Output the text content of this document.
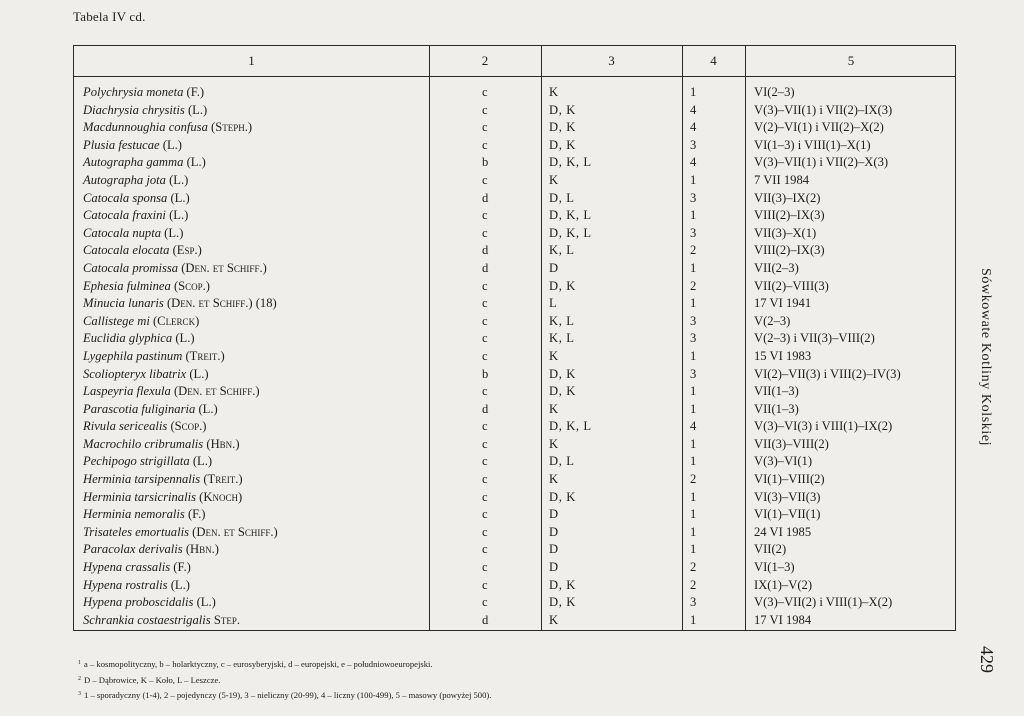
Tabela IV cd.
1	2	3	4	5
Polychrysia moneta (F.)	c	K	1	VI(2–3)
Diachrysia chrysitis (L.)	c	D, K	4	V(3)–VII(1) i VII(2)–IX(3)
Macdunnoughia confusa (Steph.)	c	D, K	4	V(2)–VI(1) i VII(2)–X(2)
Plusia festucae (L.)	c	D, K	3	VI(1–3) i VIII(1)–X(1)
Autographa gamma (L.)	b	D, K, L	4	V(3)–VII(1) i VII(2)–X(3)
Autographa jota (L.)	c	K	1	7 VII 1984
Catocala sponsa (L.)	d	D, L	3	VII(3)–IX(2)
Catocala fraxini (L.)	c	D, K, L	1	VIII(2)–IX(3)
Catocala nupta (L.)	c	D, K, L	3	VII(3)–X(1)
Catocala elocata (Esp.)	d	K, L	2	VIII(2)–IX(3)
Catocala promissa (Den. et Schiff.)	d	D	1	VII(2–3)
Ephesia fulminea (Scop.)	c	D, K	2	VII(2)–VIII(3)
Minucia lunaris (Den. et Schiff.) (18)	c	L	1	17 VI 1941
Callistege mi (Clerck)	c	K, L	3	V(2–3)
Euclidia glyphica (L.)	c	K, L	3	V(2–3) i VII(3)–VIII(2)
Lygephila pastinum (Treit.)	c	K	1	15 VI 1983
Scoliopteryx libatrix (L.)	b	D, K	3	VI(2)–VII(3) i VIII(2)–IV(3)
Laspeyria flexula (Den. et Schiff.)	c	D, K	1	VII(1–3)
Parascotia fuliginaria (L.)	d	K	1	VII(1–3)
Rivula sericealis (Scop.)	c	D, K, L	4	V(3)–VI(3) i VIII(1)–IX(2)
Macrochilo cribrumalis (Hbn.)	c	K	1	VII(3)–VIII(2)
Pechipogo strigillata (L.)	c	D, L	1	V(3)–VI(1)
Herminia tarsipennalis (Treit.)	c	K	2	VI(1)–VIII(2)
Herminia tarsicrinalis (Knoch)	c	D, K	1	VI(3)–VII(3)
Herminia nemoralis (F.)	c	D	1	VI(1)–VII(1)
Trisateles emortualis (Den. et Schiff.)	c	D	1	24 VI 1985
Paracolax derivalis (Hbn.)	c	D	1	VII(2)
Hypena crassalis (F.)	c	D	2	VI(1–3)
Hypena rostralis (L.)	c	D, K	2	IX(1)–V(2)
Hypena proboscidalis (L.)	c	D, K	3	V(3)–VII(2) i VIII(1)–X(2)
Schrankia costaestrigalis Step.	d	K	1	17 VI 1984
Sówkowate Kotliny Kolskiej
429
$^1$ a – kosmopolityczny, b – holarktyczny, c – eurosyberyjski, d – europejski, e – południowoeuropejski.
$^2$ D – Dąbrowice, K – Koło, L – Leszcze.
$^3$ 1 – sporadyczny (1-4), 2 – pojedynczy (5-19), 3 – nieliczny (20-99), 4 – liczny (100-499), 5 – masowy (powyżej 500).
